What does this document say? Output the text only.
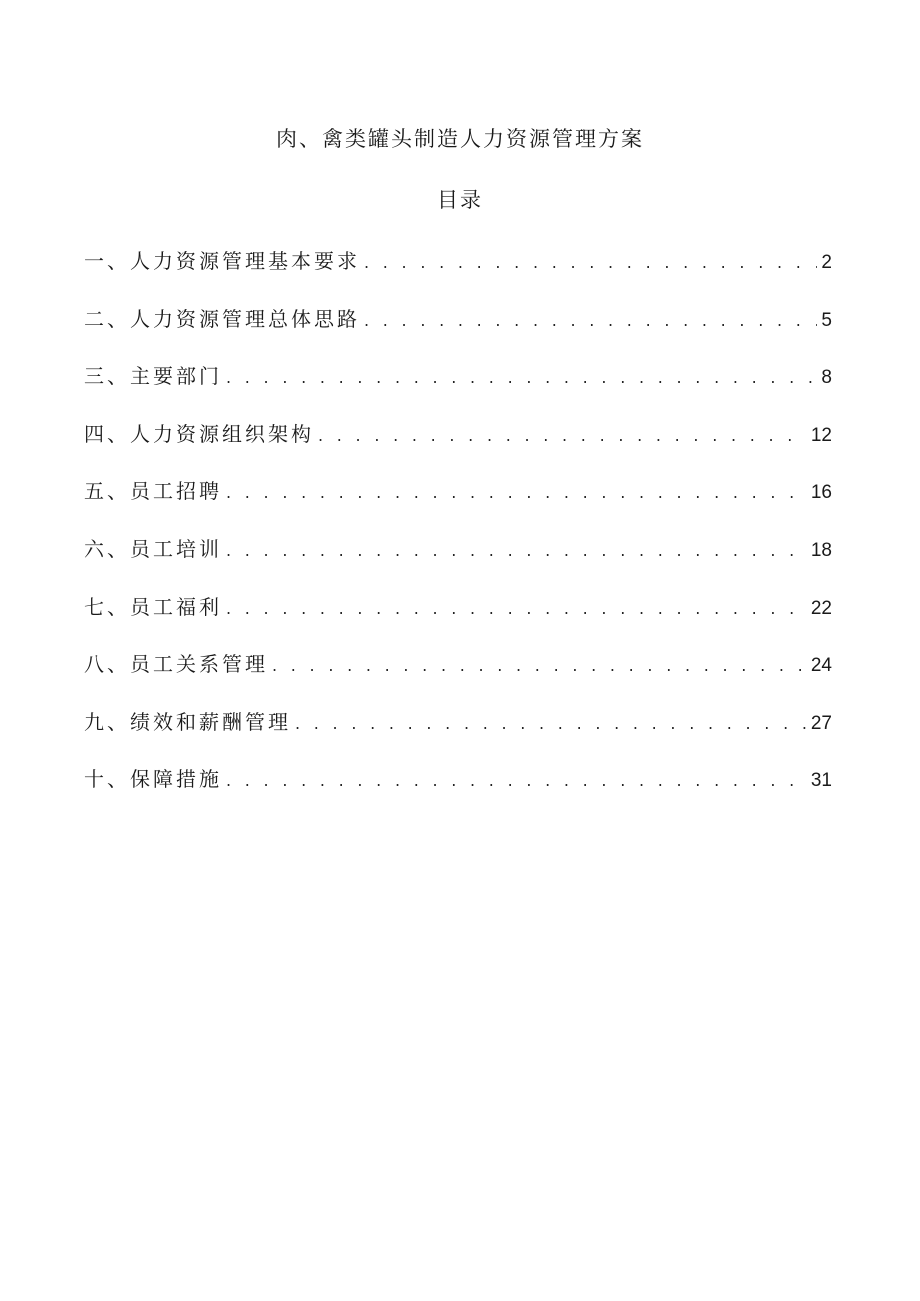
肉、禽类罐头制造人力资源管理方案
目录
一、人力资源管理基本要求 . . .	2
二、人力资源管理总体思路 . . .	5
三、主要部门 . . .	8
四、人力资源组织架构 . . .	12
五、员工招聘 . . .	16
六、员工培训 . . .	18
七、员工福利 . . .	22
八、员工关系管理 . . .	24
九、绩效和薪酬管理 . . .	27
十、保障措施 . . .	31
